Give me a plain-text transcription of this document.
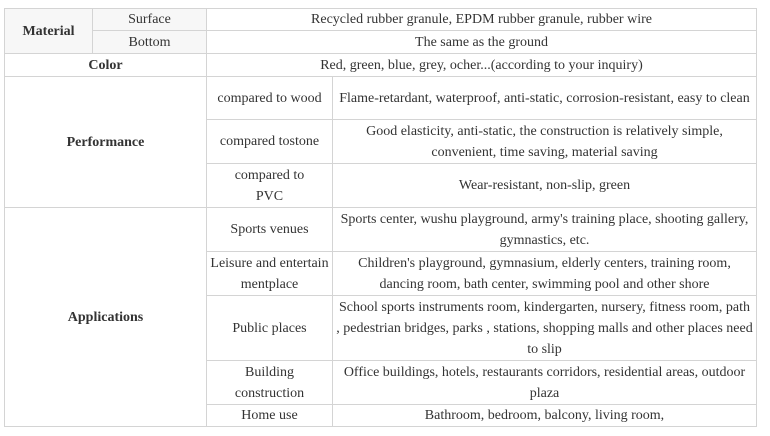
Material	Surface	Recycled rubber granule, EPDM rubber granule, rubber wire	
	Bottom	The same as the ground	
Color		Red, green, blue, grey, ocher...(according to your inquiry)	
Performance		compared to wood	Flame-retardant, waterproof, anti-static, corrosion-resistant, easy to clean
		compared tostone	Good elasticity, anti-static, the construction is relatively simple, convenient, time saving, material saving
		compared to PVC	Wear-resistant, non-slip, green
Applications		Sports venues	Sports center, wushu playground, army's training place, shooting gallery, gymnastics, etc.
		Leisure and entertainmentplace	Children's playground, gymnasium, elderly centers, training room, dancing room, bath center, swimming pool and other shore
		Public places	School sports instruments room, kindergarten, nursery, fitness room, path , pedestrian bridges, parks , stations, shopping malls and other places need to slip
		Building construction	Office buildings, hotels, restaurants corridors, residential areas, outdoor plaza
		Home use	Bathroom, bedroom, balcony, living room,
